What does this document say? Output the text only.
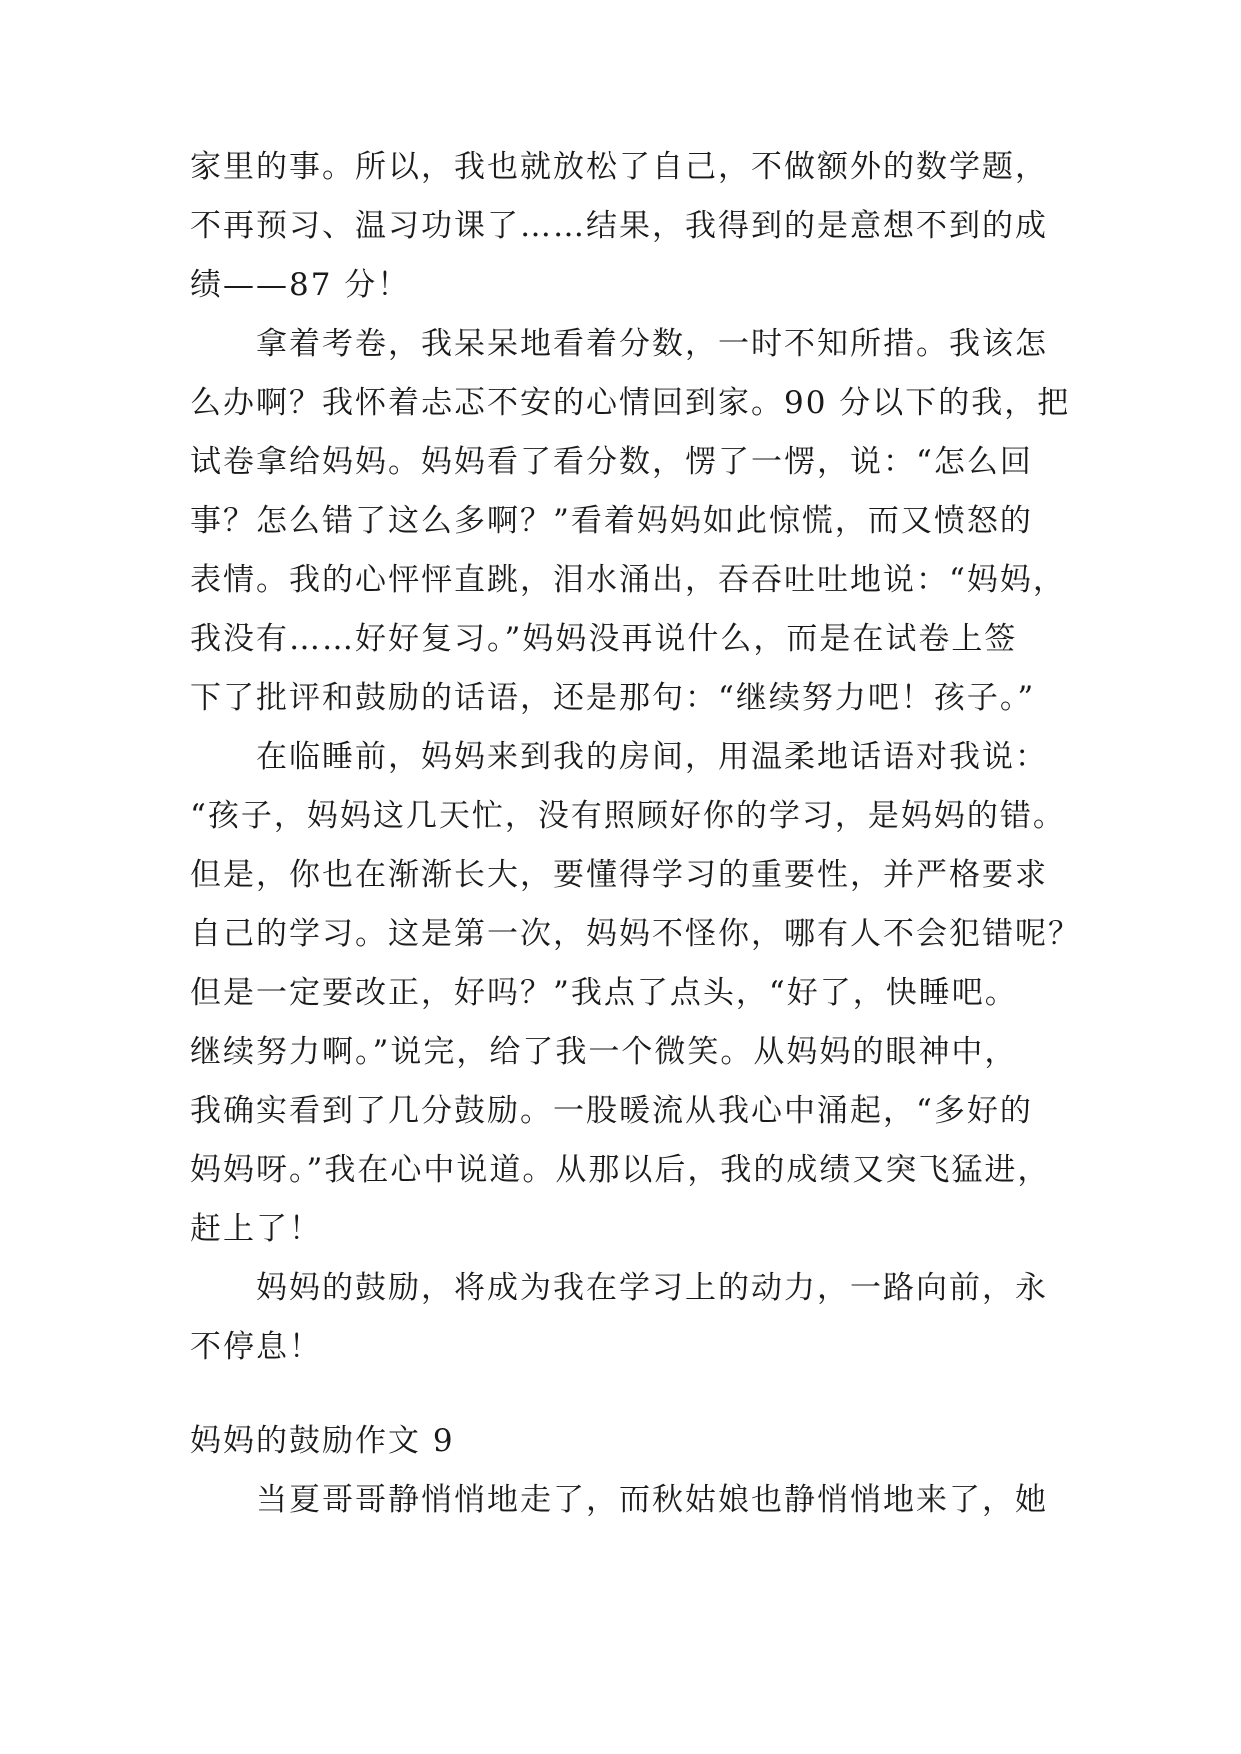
家里的事。所以，我也就放松了自己，不做额外的数学题，
不再预习、温习功课了……结果，我得到的是意想不到的成
绩——87 分！
拿着考卷，我呆呆地看着分数，一时不知所措。我该怎
么办啊？我怀着忐忑不安的心情回到家。90 分以下的我，把
试卷拿给妈妈。妈妈看了看分数，愣了一愣，说：“怎么回
事？怎么错了这么多啊？”看着妈妈如此惊慌，而又愤怒的
表情。我的心怦怦直跳，泪水涌出，吞吞吐吐地说：“妈妈，
我没有……好好复习。”妈妈没再说什么，而是在试卷上签
下了批评和鼓励的话语，还是那句：“继续努力吧！孩子。”
在临睡前，妈妈来到我的房间，用温柔地话语对我说：
“孩子，妈妈这几天忙，没有照顾好你的学习，是妈妈的错。
但是，你也在渐渐长大，要懂得学习的重要性，并严格要求
自己的学习。这是第一次，妈妈不怪你，哪有人不会犯错呢？
但是一定要改正，好吗？”我点了点头，“好了，快睡吧。
继续努力啊。”说完，给了我一个微笑。从妈妈的眼神中，
我确实看到了几分鼓励。一股暖流从我心中涌起，“多好的
妈妈呀。”我在心中说道。从那以后，我的成绩又突飞猛进，
赶上了！
妈妈的鼓励，将成为我在学习上的动力，一路向前，永
不停息！
妈妈的鼓励作文 9
当夏哥哥静悄悄地走了，而秋姑娘也静悄悄地来了，她
